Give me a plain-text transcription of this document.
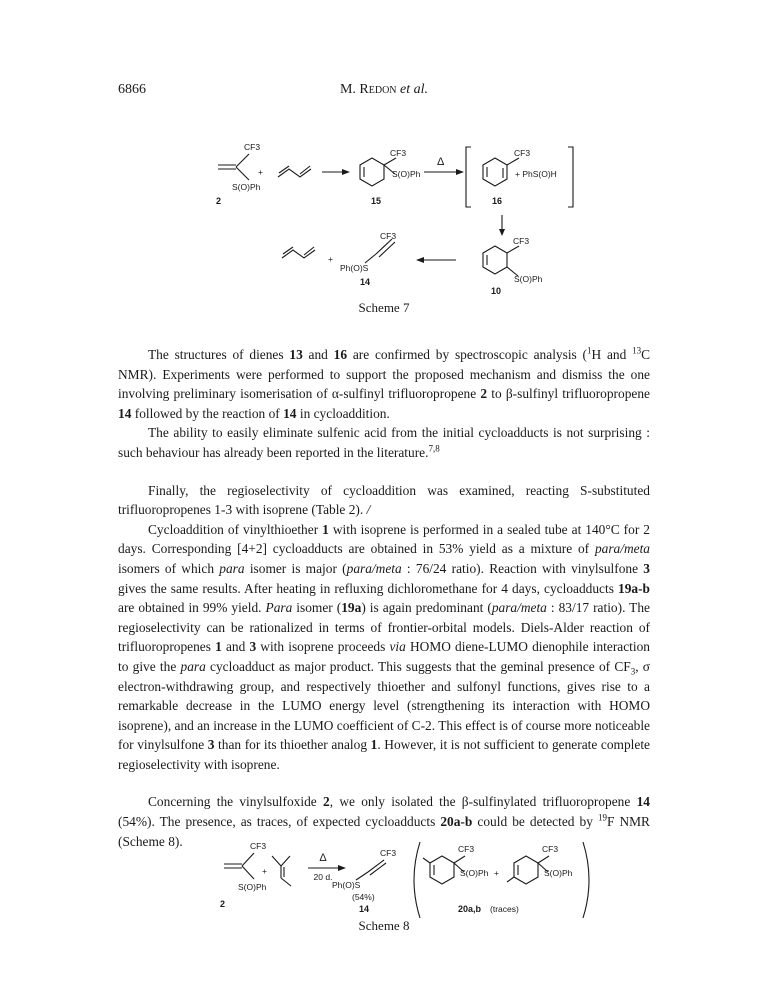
6866	M. Redon et al.
CF3
+
S(O)Ph
2
CF3
S(O)Ph
15
Δ
CF3
+ PhS(O)H
16
CF3
S(O)Ph
10
CF3
Ph(O)S
+
14
Scheme 7

The structures of dienes 13 and 16 are confirmed by spectroscopic analysis ($^1$H and $^{13}$C NMR). Experiments were performed to support the proposed mechanism and dismiss the one involving preliminary isomerisation of α-sulfinyl trifluoropropene 2 to β-sulfinyl trifluoropropene 14 followed by the reaction of 14 in cycloaddition.

The ability to easily eliminate sulfenic acid from the initial cycloadducts is not surprising : such behaviour has already been reported in the literature.$^{7,8}$

Finally, the regioselectivity of cycloaddition was examined, reacting S-substituted trifluoropropenes 1-3 with isoprene (Table 2). /

Cycloaddition of vinylthioether 1 with isoprene is performed in a sealed tube at 140°C for 2 days. Corresponding [4+2] cycloadducts are obtained in 53% yield as a mixture of para/meta isomers of which para isomer is major (para/meta : 76/24 ratio). Reaction with vinylsulfone 3 gives the same results. After heating in refluxing dichloromethane for 4 days, cycloadducts 19a-b are obtained in 99% yield. Para isomer (19a) is again predominant (para/meta : 83/17 ratio). The regioselectivity can be rationalized in terms of frontier-orbital models. Diels-Alder reaction of trifluoropropenes 1 and 3 with isoprene proceeds via HOMO diene-LUMO dienophile interaction to give the para cycloadduct as major product. This suggests that the geminal presence of $CF_3$, σ electron-withdrawing group, and respectively thioether and sulfonyl functions, gives rise to a remarkable decrease in the LUMO energy level (strengthening its interaction with HOMO isoprene), and an increase in the LUMO coefficient of C-2. This effect is of course more noticeable for vinylsulfone 3 than for its thioether analog 1. However, it is not sufficient to generate complete regioselectivity with isoprene.

Concerning the vinylsulfoxide 2, we only isolated the β-sulfinylated trifluoropropene 14 (54%). The presence, as traces, of expected cycloadducts 20a-b could be detected by $^{19}$F NMR (Scheme 8).	CF3
+
S(O)Ph
2
Δ
20 d.
CF3
Ph(O)S
(54%)
14
CF3
S(O)Ph +
CF3
S(O)Ph
20a,b (traces)
Scheme 8
